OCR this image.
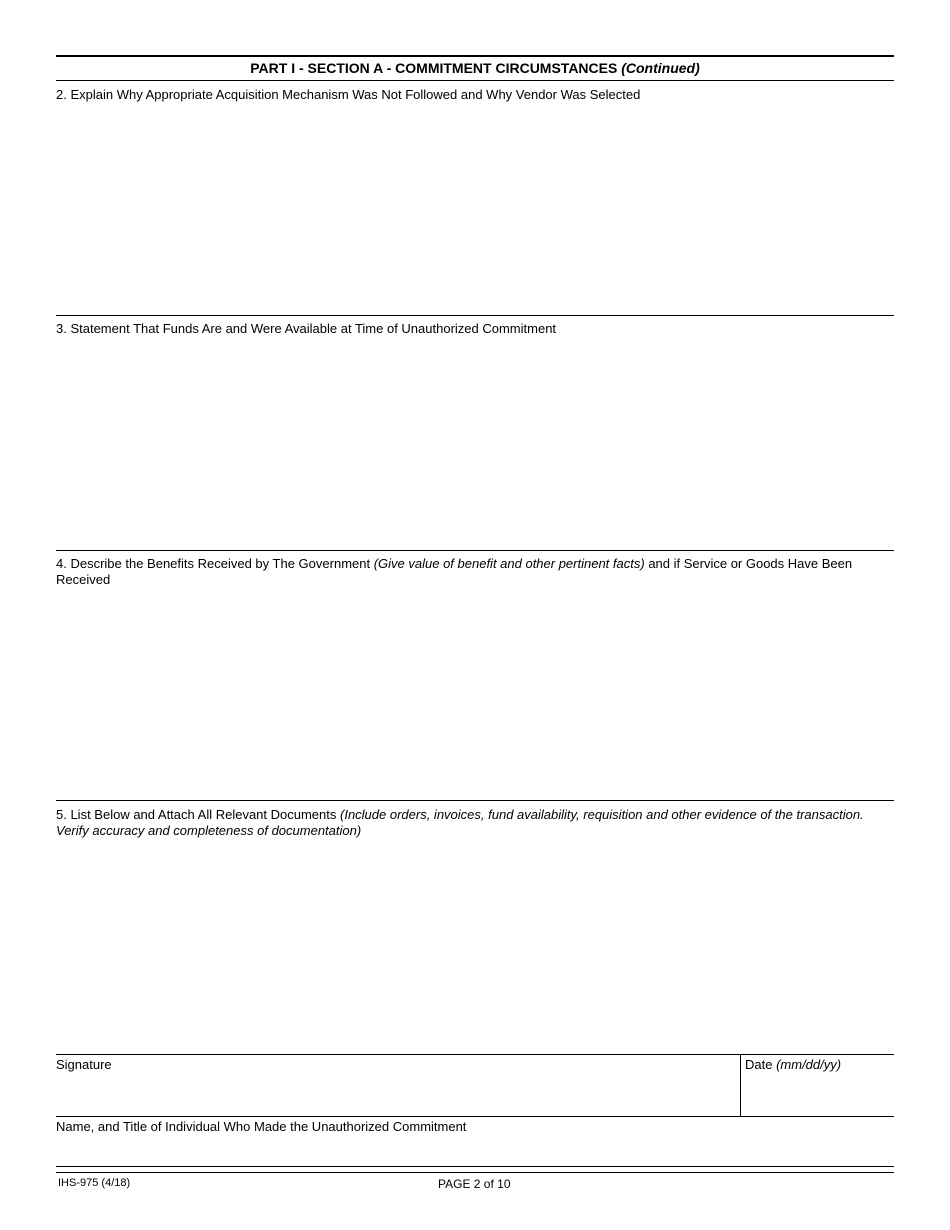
PART I - SECTION A - COMMITMENT CIRCUMSTANCES (Continued)
2. Explain Why Appropriate Acquisition Mechanism Was Not Followed and Why Vendor Was Selected
3. Statement That Funds Are and Were Available at Time of Unauthorized Commitment
4. Describe the Benefits Received by The Government (Give value of benefit and other pertinent facts) and if Service or Goods Have Been Received
5. List Below and Attach All Relevant Documents (Include orders, invoices, fund availability, requisition and other evidence of the transaction. Verify accuracy and completeness of documentation)
Signature	Date (mm/dd/yy)
Name, and Title of Individual Who Made the Unauthorized Commitment
IHS-975 (4/18)	PAGE 2 of 10
